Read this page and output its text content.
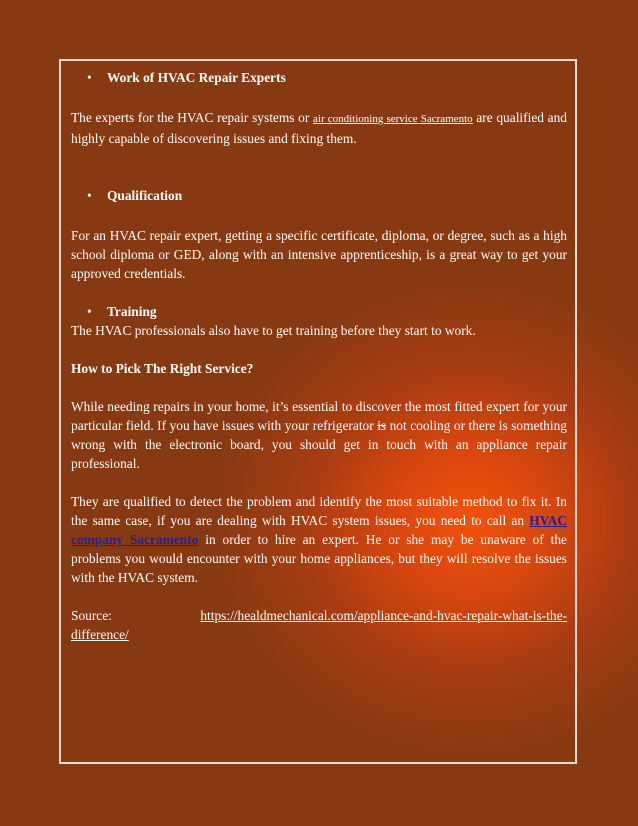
• Work of HVAC Repair Experts

The experts for the HVAC repair systems or air conditioning service Sacramento are qualified and highly capable of discovering issues and fixing them.

• Qualification

For an HVAC repair expert, getting a specific certificate, diploma, or degree, such as a high school diploma or GED, along with an intensive apprenticeship, is a great way to get your approved credentials.

• Training

The HVAC professionals also have to get training before they start to work.

How to Pick The Right Service?

While needing repairs in your home, it’s essential to discover the most fitted expert for your particular field. If you have issues with your refrigerator is not cooling or there is something wrong with the electronic board, you should get in touch with an appliance repair professional.

They are qualified to detect the problem and identify the most suitable method to fix it. In the same case, if you are dealing with HVAC system issues, you need to call an HVAC company Sacramento in order to hire an expert. He or she may be unaware of the problems you would encounter with your home appliances, but they will resolve the issues with the HVAC system.

Source:	https://healdmechanical.com/appliance-and-hvac-repair-what-is-the-
difference/
